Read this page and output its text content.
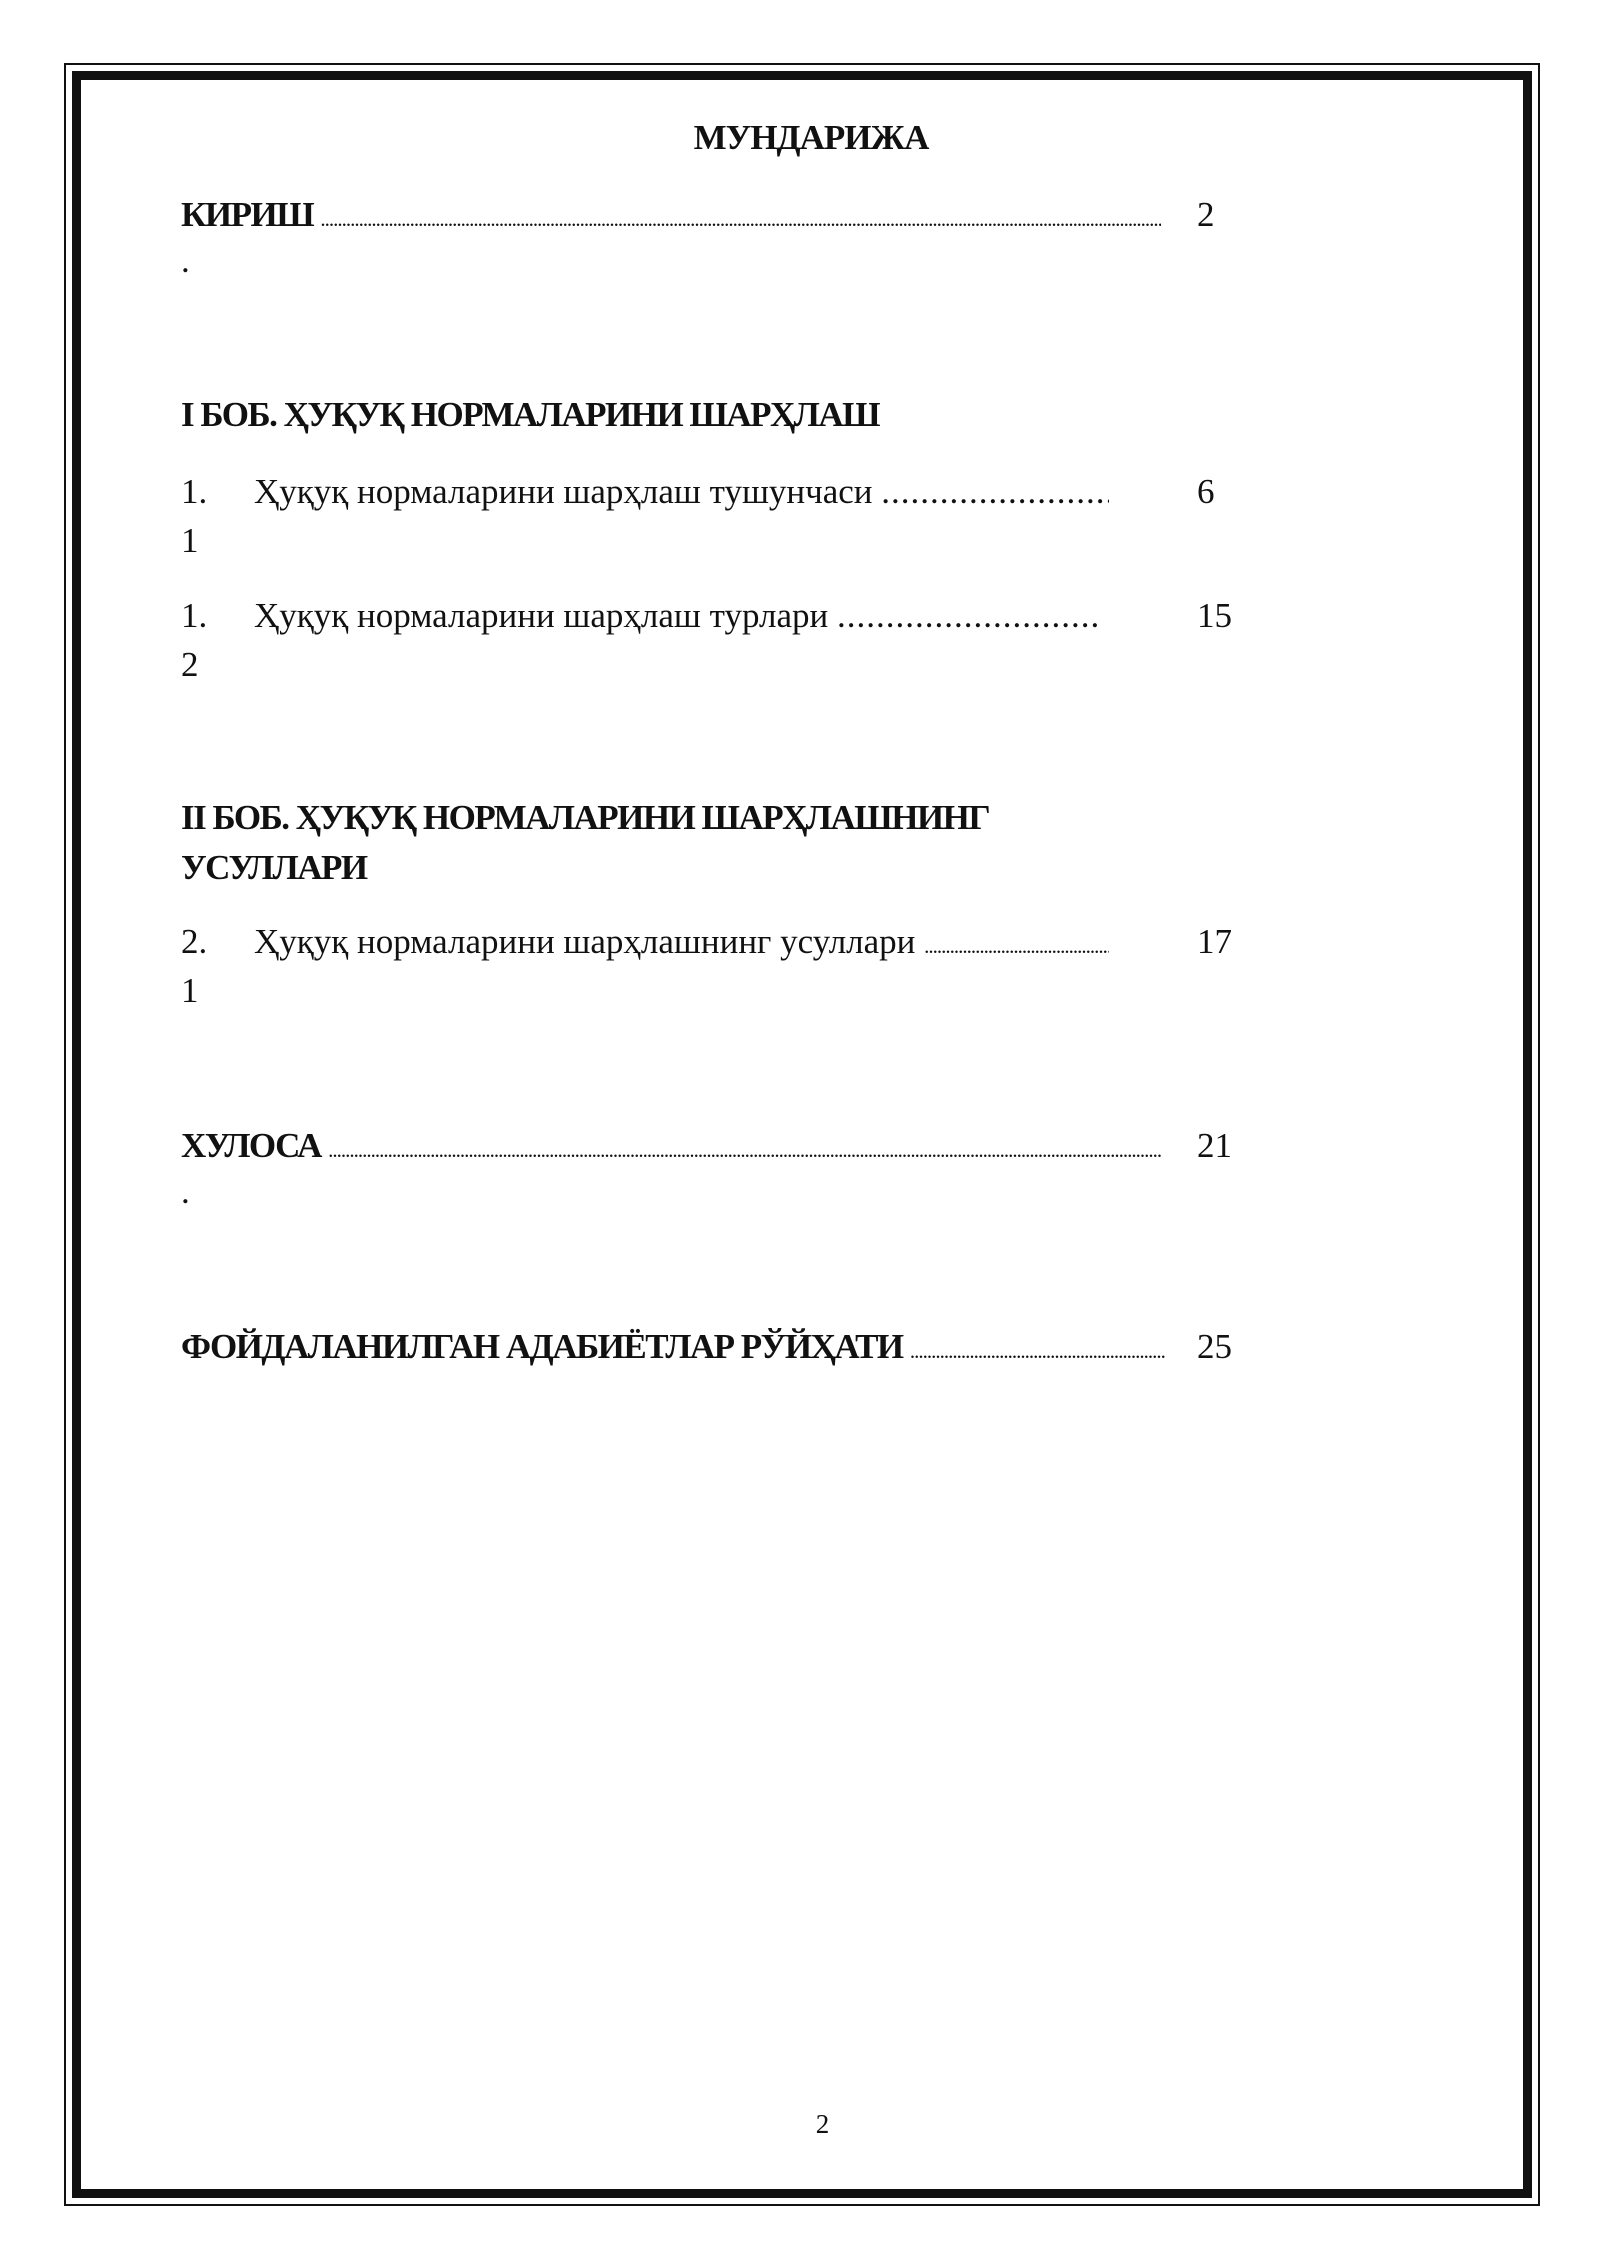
МУНДАРИЖА
КИРИШ .....	2
.
I БОБ. ҲУҚУҚ НОРМАЛАРИНИ ШАРҲЛАШ
1. Ҳуқуқ нормаларини шарҳлаш тушунчаси .....	6
1
1. Ҳуқуқ нормаларини шарҳлаш турлари .....	15
2
II БОБ. ҲУҚУҚ НОРМАЛАРИНИ ШАРҲЛАШНИНГ
УСУЛЛАРИ
2. Ҳуқуқ нормаларини шарҳлашнинг усуллари .....	17
1
ХУЛОСА .....	21
.
ФОЙДАЛАНИЛГАН АДАБИЁТЛАР РЎЙҲАТИ .....	25
2
